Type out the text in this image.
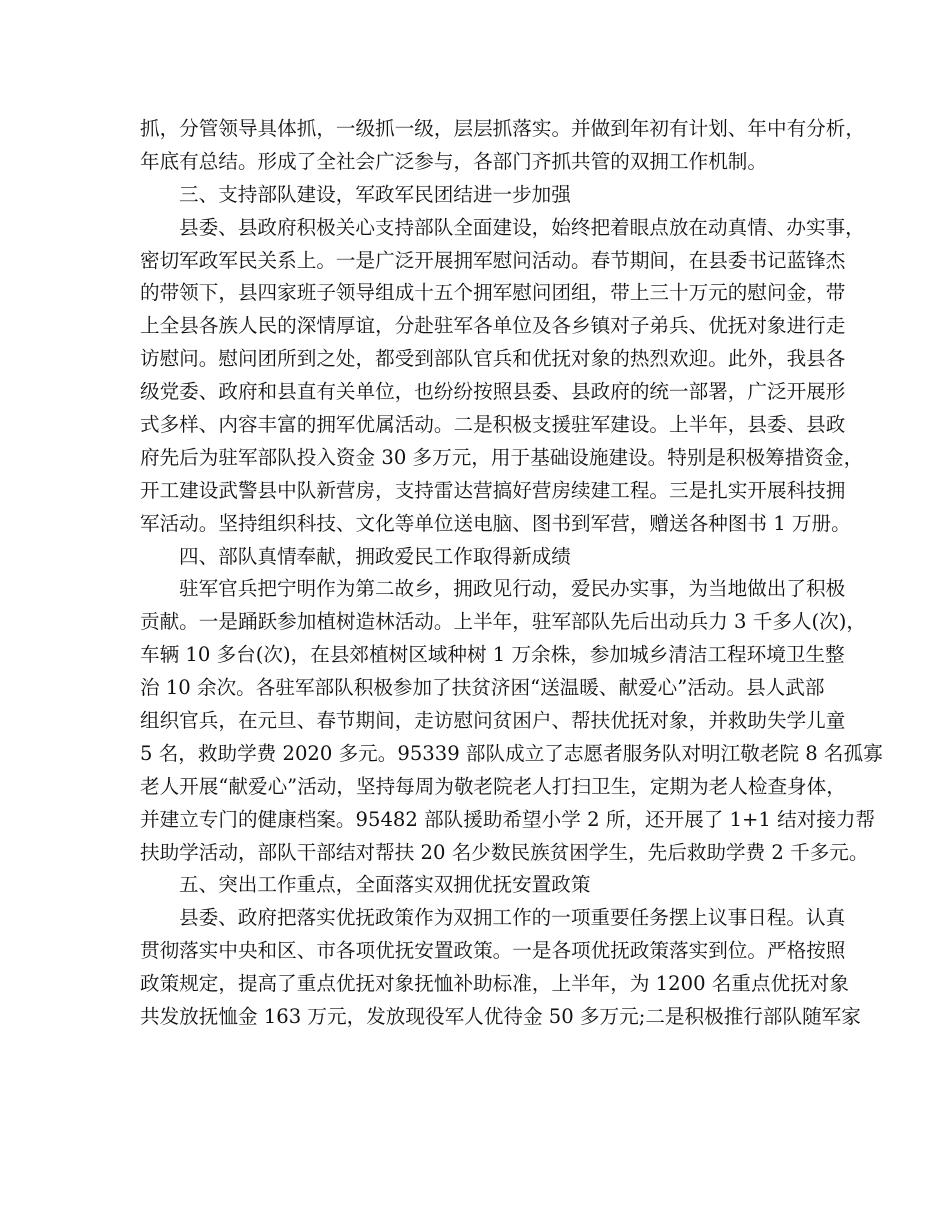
抓，分管领导具体抓，一级抓一级，层层抓落实。并做到年初有计划、年中有分析，
年底有总结。形成了全社会广泛参与，各部门齐抓共管的双拥工作机制。
三、支持部队建设，军政军民团结进一步加强
县委、县政府积极关心支持部队全面建设，始终把着眼点放在动真情、办实事，
密切军政军民关系上。一是广泛开展拥军慰问活动。春节期间，在县委书记蓝锋杰
的带领下，县四家班子领导组成十五个拥军慰问团组，带上三十万元的慰问金，带
上全县各族人民的深情厚谊，分赴驻军各单位及各乡镇对子弟兵、优抚对象进行走
访慰问。慰问团所到之处，都受到部队官兵和优抚对象的热烈欢迎。此外，我县各
级党委、政府和县直有关单位，也纷纷按照县委、县政府的统一部署，广泛开展形
式多样、内容丰富的拥军优属活动。二是积极支援驻军建设。上半年，县委、县政
府先后为驻军部队投入资金 30 多万元，用于基础设施建设。特别是积极筹措资金，
开工建设武警县中队新营房，支持雷达营搞好营房续建工程。三是扎实开展科技拥
军活动。坚持组织科技、文化等单位送电脑、图书到军营，赠送各种图书 1 万册。
四、部队真情奉献，拥政爱民工作取得新成绩
驻军官兵把宁明作为第二故乡，拥政见行动，爱民办实事，为当地做出了积极
贡献。一是踊跃参加植树造林活动。上半年，驻军部队先后出动兵力 3 千多人(次)，
车辆 10 多台(次)，在县郊植树区域种树 1 万余株，参加城乡清洁工程环境卫生整
治 10 余次。各驻军部队积极参加了扶贫济困“送温暖、献爱心”活动。县人武部
组织官兵，在元旦、春节期间，走访慰问贫困户、帮扶优抚对象，并救助失学儿童
5 名，救助学费 2020 多元。95339 部队成立了志愿者服务队对明江敬老院 8 名孤寡
老人开展“献爱心”活动，坚持每周为敬老院老人打扫卫生，定期为老人检查身体，
并建立专门的健康档案。95482 部队援助希望小学 2 所，还开展了 1+1 结对接力帮
扶助学活动，部队干部结对帮扶 20 名少数民族贫困学生，先后救助学费 2 千多元。
五、突出工作重点，全面落实双拥优抚安置政策
县委、政府把落实优抚政策作为双拥工作的一项重要任务摆上议事日程。认真
贯彻落实中央和区、市各项优抚安置政策。一是各项优抚政策落实到位。严格按照
政策规定，提高了重点优抚对象抚恤补助标准，上半年，为 1200 名重点优抚对象
共发放抚恤金 163 万元，发放现役军人优待金 50 多万元;二是积极推行部队随军家
